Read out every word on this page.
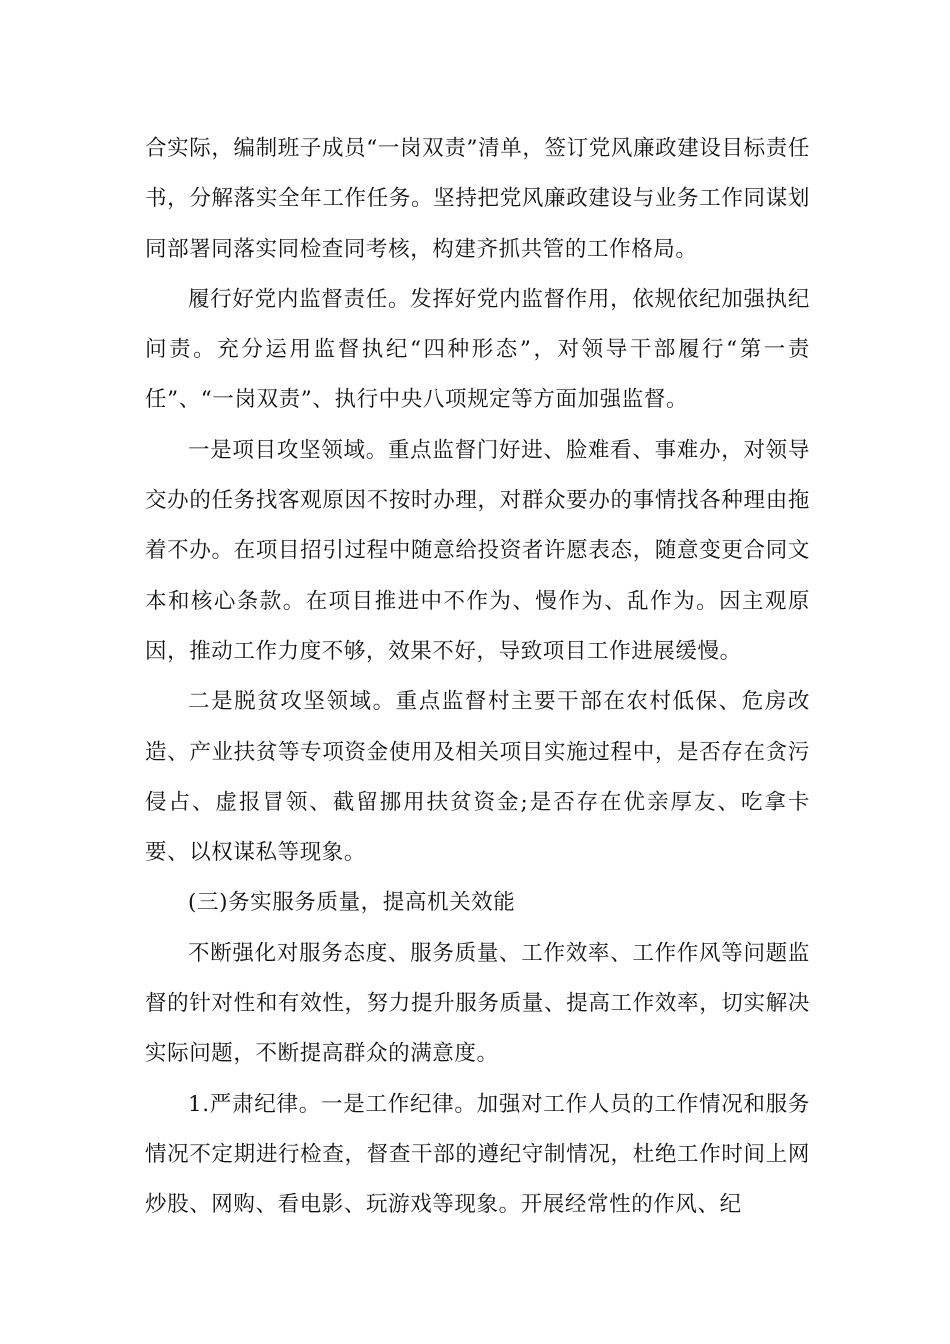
合实际，编制班子成员“一岗双责”清单，签订党风廉政建设目标责任书，分解落实全年工作任务。坚持把党风廉政建设与业务工作同谋划同部署同落实同检查同考核，构建齐抓共管的工作格局。

履行好党内监督责任。发挥好党内监督作用，依规依纪加强执纪问责。充分运用监督执纪“四种形态”，对领导干部履行“第一责任”、“一岗双责”、执行中央八项规定等方面加强监督。

一是项目攻坚领域。重点监督门好进、脸难看、事难办，对领导交办的任务找客观原因不按时办理，对群众要办的事情找各种理由拖着不办。在项目招引过程中随意给投资者许愿表态，随意变更合同文本和核心条款。在项目推进中不作为、慢作为、乱作为。因主观原因，推动工作力度不够，效果不好，导致项目工作进展缓慢。

二是脱贫攻坚领域。重点监督村主要干部在农村低保、危房改造、产业扶贫等专项资金使用及相关项目实施过程中，是否存在贪污侵占、虚报冒领、截留挪用扶贫资金;是否存在优亲厚友、吃拿卡要、以权谋私等现象。

(三)务实服务质量，提高机关效能

不断强化对服务态度、服务质量、工作效率、工作作风等问题监督的针对性和有效性，努力提升服务质量、提高工作效率，切实解决实际问题，不断提高群众的满意度。

1.严肃纪律。一是工作纪律。加强对工作人员的工作情况和服务情况不定期进行检查，督查干部的遵纪守制情况，杜绝工作时间上网炒股、网购、看电影、玩游戏等现象。开展经常性的作风、纪
